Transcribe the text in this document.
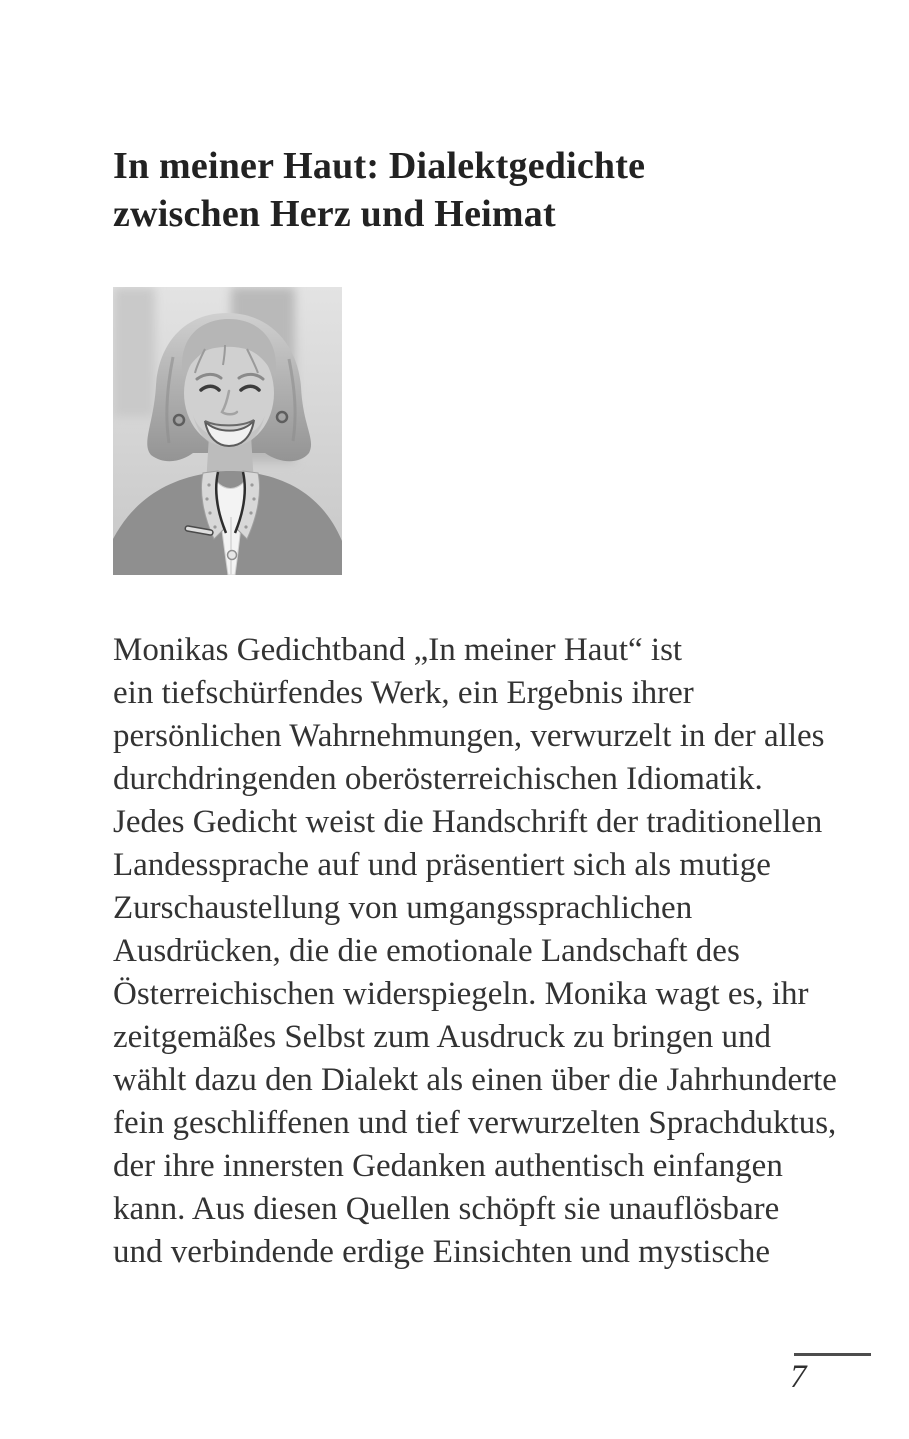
In meiner Haut: Dialektgedichte
zwischen Herz und Heimat
Monikas Gedichtband „In meiner Haut“ ist
ein tiefschürfendes Werk, ein Ergebnis ihrer
persönlichen Wahrnehmungen, verwurzelt in der alles
durchdringenden oberösterreichischen Idiomatik.
Jedes Gedicht weist die Handschrift der traditionellen
Landessprache auf und präsentiert sich als mutige
Zurschaustellung von umgangssprachlichen
Ausdrücken, die die emotionale Landschaft des
Österreichischen widerspiegeln. Monika wagt es, ihr
zeitgemäßes Selbst zum Ausdruck zu bringen und
wählt dazu den Dialekt als einen über die Jahrhunderte
fein geschliffenen und tief verwurzelten Sprachduktus,
der ihre innersten Gedanken authentisch einfangen
kann. Aus diesen Quellen schöpft sie unauflösbare
und verbindende erdige Einsichten und mystische
7
